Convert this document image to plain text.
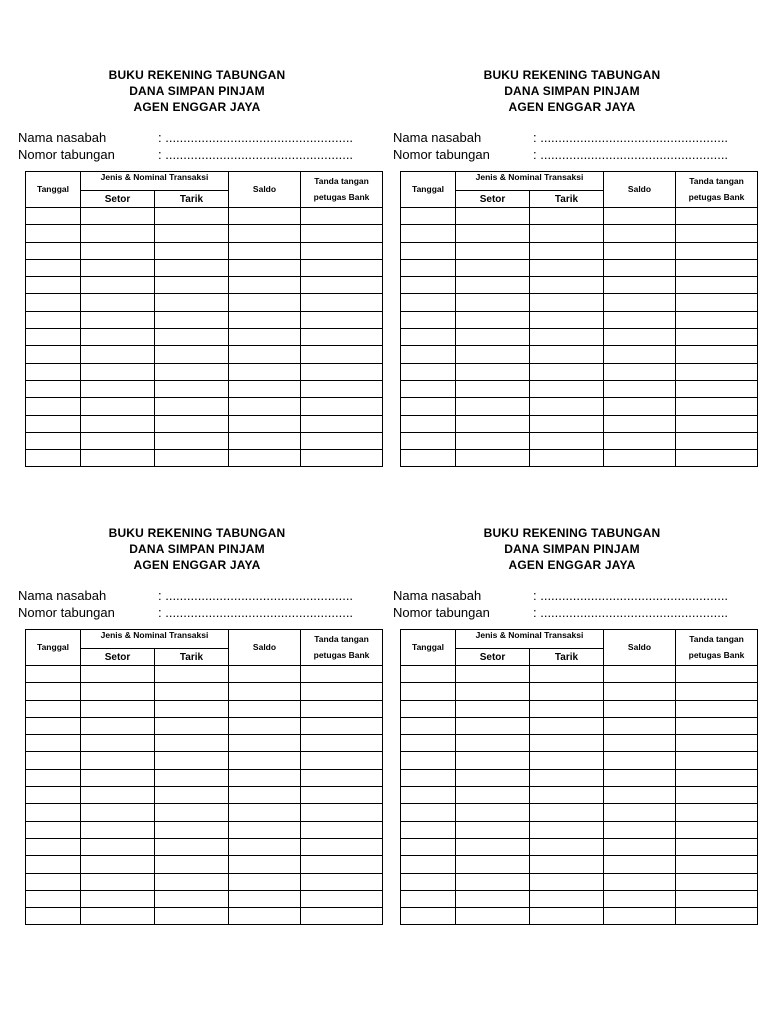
BUKU REKENING TABUNGAN
DANA SIMPAN PINJAM
AGEN ENGGAR JAYA
Nama nasabah	: ....................................................
Nomor tabungan	: ....................................................
Tanggal	Jenis & Nominal Transaksi		Saldo	Tanda tangan
petugas Bank

	Setor	Tarik		

BUKU REKENING TABUNGAN
DANA SIMPAN PINJAM
AGEN ENGGAR JAYA
Nama nasabah	: ....................................................
Nomor tabungan	: ....................................................
Tanggal	Jenis & Nominal Transaksi		Saldo	Tanda tangan
petugas Bank

	Setor	Tarik		

BUKU REKENING TABUNGAN
DANA SIMPAN PINJAM
AGEN ENGGAR JAYA
Nama nasabah	: ....................................................
Nomor tabungan	: ....................................................
Tanggal	Jenis & Nominal Transaksi		Saldo	Tanda tangan
petugas Bank

	Setor	Tarik		

BUKU REKENING TABUNGAN
DANA SIMPAN PINJAM
AGEN ENGGAR JAYA
Nama nasabah	: ....................................................
Nomor tabungan	: ....................................................
Tanggal	Jenis & Nominal Transaksi		Saldo	Tanda tangan
petugas Bank

	Setor	Tarik		
